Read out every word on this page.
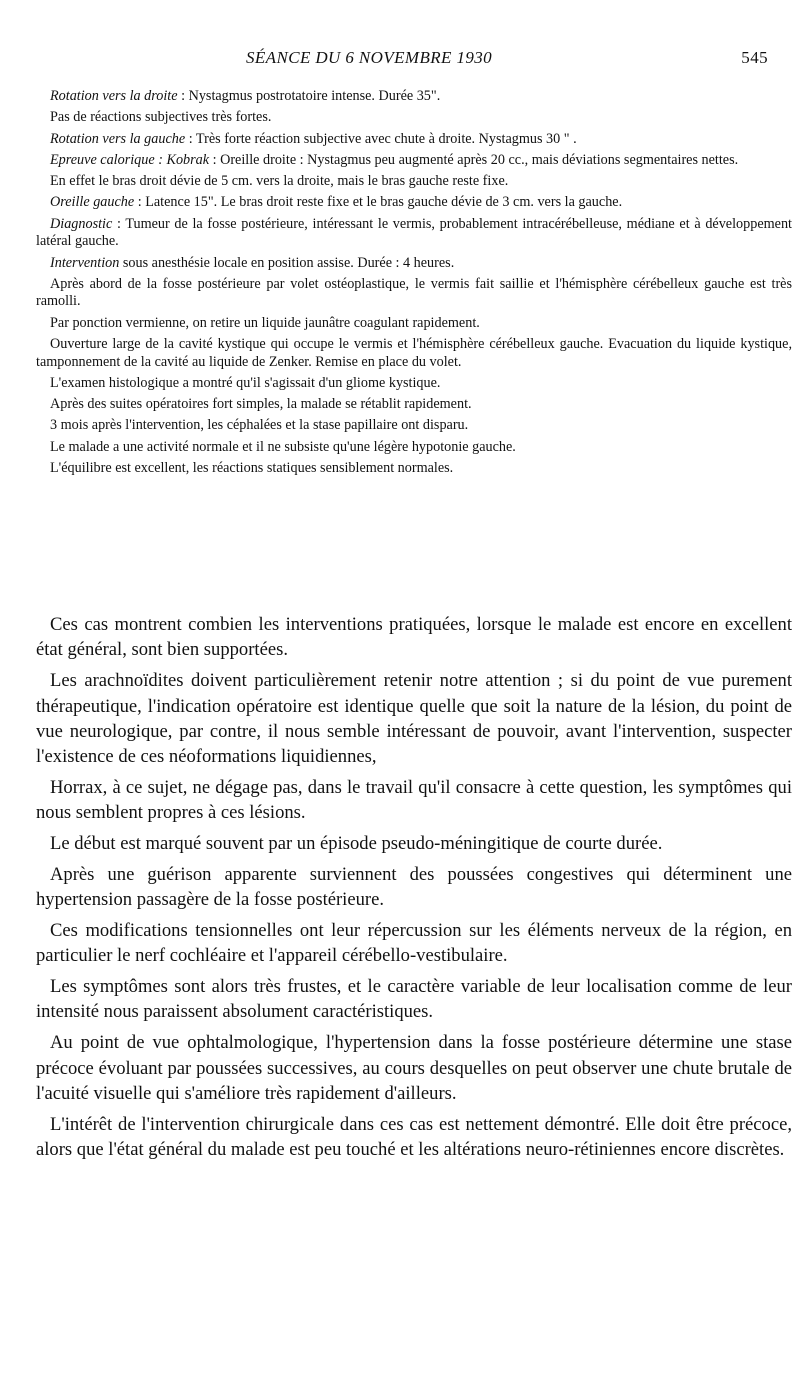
SÉANCE DU 6 NOVEMBRE 1930	545

Rotation vers la droite : Nystagmus postrotatoire intense. Durée 35".

Pas de réactions subjectives très fortes.

Rotation vers la gauche : Très forte réaction subjective avec chute à droite. Nystagmus 30 " .

Epreuve calorique : Kobrak : Oreille droite : Nystagmus peu augmenté après 20 cc., mais déviations segmentaires nettes.

En effet le bras droit dévie de 5 cm. vers la droite, mais le bras gauche reste fixe.

Oreille gauche : Latence 15". Le bras droit reste fixe et le bras gauche dévie de 3 cm. vers la gauche.

Diagnostic : Tumeur de la fosse postérieure, intéressant le vermis, probablement intracérébelleuse, médiane et à développement latéral gauche.

Intervention sous anesthésie locale en position assise. Durée : 4 heures.

Après abord de la fosse postérieure par volet ostéoplastique, le vermis fait saillie et l'hémisphère cérébelleux gauche est très ramolli.

Par ponction vermienne, on retire un liquide jaunâtre coagulant rapidement.

Ouverture large de la cavité kystique qui occupe le vermis et l'hémisphère cérébelleux gauche. Evacuation du liquide kystique, tamponnement de la cavité au liquide de Zenker. Remise en place du volet.

L'examen histologique a montré qu'il s'agissait d'un gliome kystique.

Après des suites opératoires fort simples, la malade se rétablit rapidement.

3 mois après l'intervention, les céphalées et la stase papillaire ont disparu.

Le malade a une activité normale et il ne subsiste qu'une légère hypotonie gauche.

L'équilibre est excellent, les réactions statiques sensiblement normales.

Ces cas montrent combien les interventions pratiquées, lorsque le malade est encore en excellent état général, sont bien supportées.

Les arachnoïdites doivent particulièrement retenir notre attention ; si du point de vue purement thérapeutique, l'indication opératoire est identique quelle que soit la nature de la lésion, du point de vue neurologique, par contre, il nous semble intéressant de pouvoir, avant l'intervention, suspecter l'existence de ces néoformations liquidiennes,

Horrax, à ce sujet, ne dégage pas, dans le travail qu'il consacre à cette question, les symptômes qui nous semblent propres à ces lésions.

Le début est marqué souvent par un épisode pseudo-méningitique de courte durée.

Après une guérison apparente surviennent des poussées congestives qui déterminent une hypertension passagère de la fosse postérieure.

Ces modifications tensionnelles ont leur répercussion sur les éléments nerveux de la région, en particulier le nerf cochléaire et l'appareil cérébello-vestibulaire.

Les symptômes sont alors très frustes, et le caractère variable de leur localisation comme de leur intensité nous paraissent absolument caractéristiques.

Au point de vue ophtalmologique, l'hypertension dans la fosse postérieure détermine une stase précoce évoluant par poussées successives, au cours desquelles on peut observer une chute brutale de l'acuité visuelle qui s'améliore très rapidement d'ailleurs.

L'intérêt de l'intervention chirurgicale dans ces cas est nettement démontré. Elle doit être précoce, alors que l'état général du malade est peu touché et les altérations neuro-rétiniennes encore discrètes.
